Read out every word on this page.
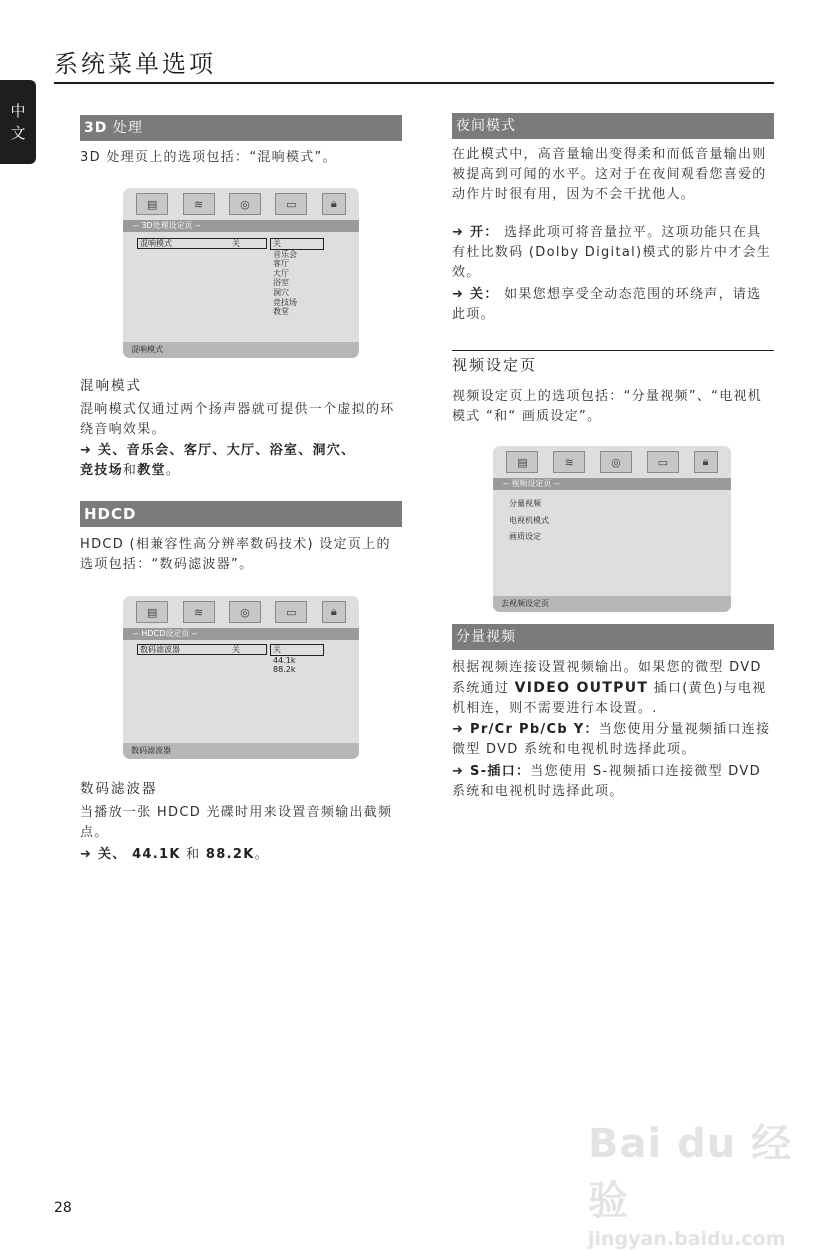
系统菜单选项
中
文	3D 处理

3D 处理页上的选项包括：“混响模式”。

▤	≋	◎	▭	🔒︎
-- 3D处理设定页 --
混响模式	关	关
音乐会
客厅
大厅
浴室
洞穴
竞技场
教堂
混响模式

混响模式

混响模式仅通过两个扬声器就可提供一个虚拟的环绕音响效果。

➜ 关、音乐会、客厅、大厅、浴室、洞穴、
竞技场和教堂。

HDCD

HDCD (相兼容性高分辨率数码技术) 设定页上的选项包括：“数码滤波器”。

▤	≋	◎	▭	🔒︎
-- HDCD设定页 --
数码滤波器	关	关
44.1k
88.2k
数码滤波器

数码滤波器

当播放一张 HDCD 光碟时用来设置音频输出截频点。

➜ 关、 44.1K 和 88.2K。

夜间模式

在此模式中，高音量输出变得柔和而低音量输出则被提高到可闻的水平。这对于在夜间观看您喜爱的动作片时很有用，因为不会干扰他人。

➜ 开： 选择此项可将音量拉平。这项功能只在具有杜比数码 (Dolby Digital)模式的影片中才会生效。

➜ 关： 如果您想享受全动态范围的环绕声，请选此项。

视频设定页

视频设定页上的选项包括：“分量视频”、“电视机模式 “和“ 画质设定”。

▤	≋	◎	▭	🔒︎
-- 视频设定页 --
分量视频
电视机模式
画质设定
去视频设定页
分量视频

根据视频连接设置视频输出。如果您的微型 DVD 系统通过 VIDEO OUTPUT 插口(黄色)与电视机相连，则不需要进行本设置。.

➜ Pr/Cr Pb/Cb Y：当您使用分量视频插口连接微型 DVD 系统和电视机时选择此项。

➜ S-插口：当您使用 S-视频插口连接微型 DVD 系统和电视机时选择此项。

Bai du 经验
jingyan.baidu.com
28
